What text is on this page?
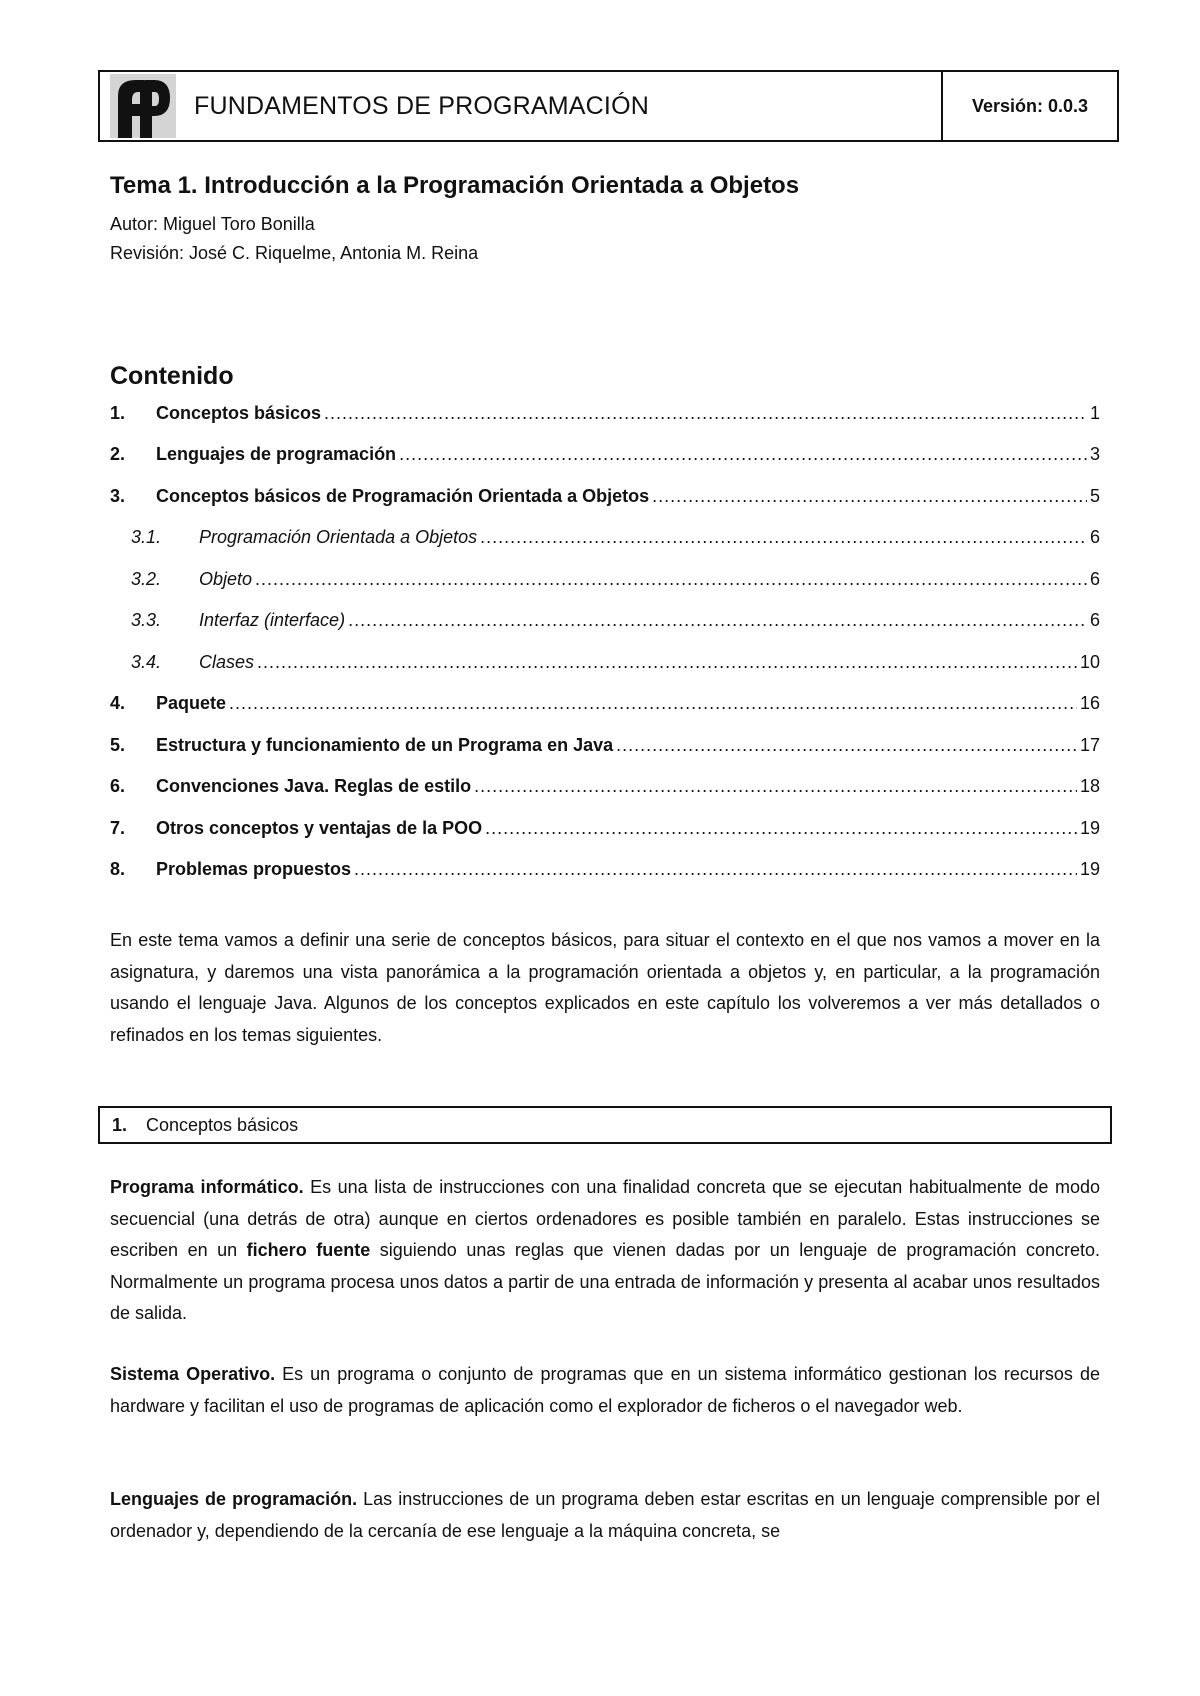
FUNDAMENTOS DE PROGRAMACIÓN	Versión: 0.0.3
Tema 1. Introducción a la Programación Orientada a Objetos
Autor: Miguel Toro Bonilla
Revisión: José C. Riquelme, Antonia M. Reina
Contenido
1.	Conceptos básicos .....	1
2.	Lenguajes de programación .....	3
3.	Conceptos básicos de Programación Orientada a Objetos .....	5
3.1.	Programación Orientada a Objetos .....	6
3.2.	Objeto .....	6
3.3.	Interfaz (interface) .....	6
3.4.	Clases .....	10
4.	Paquete .....	16
5.	Estructura y funcionamiento de un Programa en Java .....	17
6.	Convenciones Java. Reglas de estilo .....	18
7.	Otros conceptos y ventajas de la POO .....	19
8.	Problemas propuestos .....	19
En este tema vamos a definir una serie de conceptos básicos, para situar el contexto en el que nos vamos a mover en la asignatura, y daremos una vista panorámica a la programación orientada a objetos y, en particular, a la programación usando el lenguaje Java. Algunos de los conceptos explicados en este capítulo los volveremos a ver más detallados o refinados en los temas siguientes.
1.	Conceptos básicos
Programa informático. Es una lista de instrucciones con una finalidad concreta que se ejecutan habitualmente de modo secuencial (una detrás de otra) aunque en ciertos ordenadores es posible también en paralelo. Estas instrucciones se escriben en un fichero fuente siguiendo unas reglas que vienen dadas por un lenguaje de programación concreto. Normalmente un programa procesa unos datos a partir de una entrada de información y presenta al acabar unos resultados de salida.
Sistema Operativo. Es un programa o conjunto de programas que en un sistema informático gestionan los recursos de hardware y facilitan el uso de programas de aplicación como el explorador de ficheros o el navegador web.
Lenguajes de programación. Las instrucciones de un programa deben estar escritas en un lenguaje comprensible por el ordenador y, dependiendo de la cercanía de ese lenguaje a la máquina concreta, se
